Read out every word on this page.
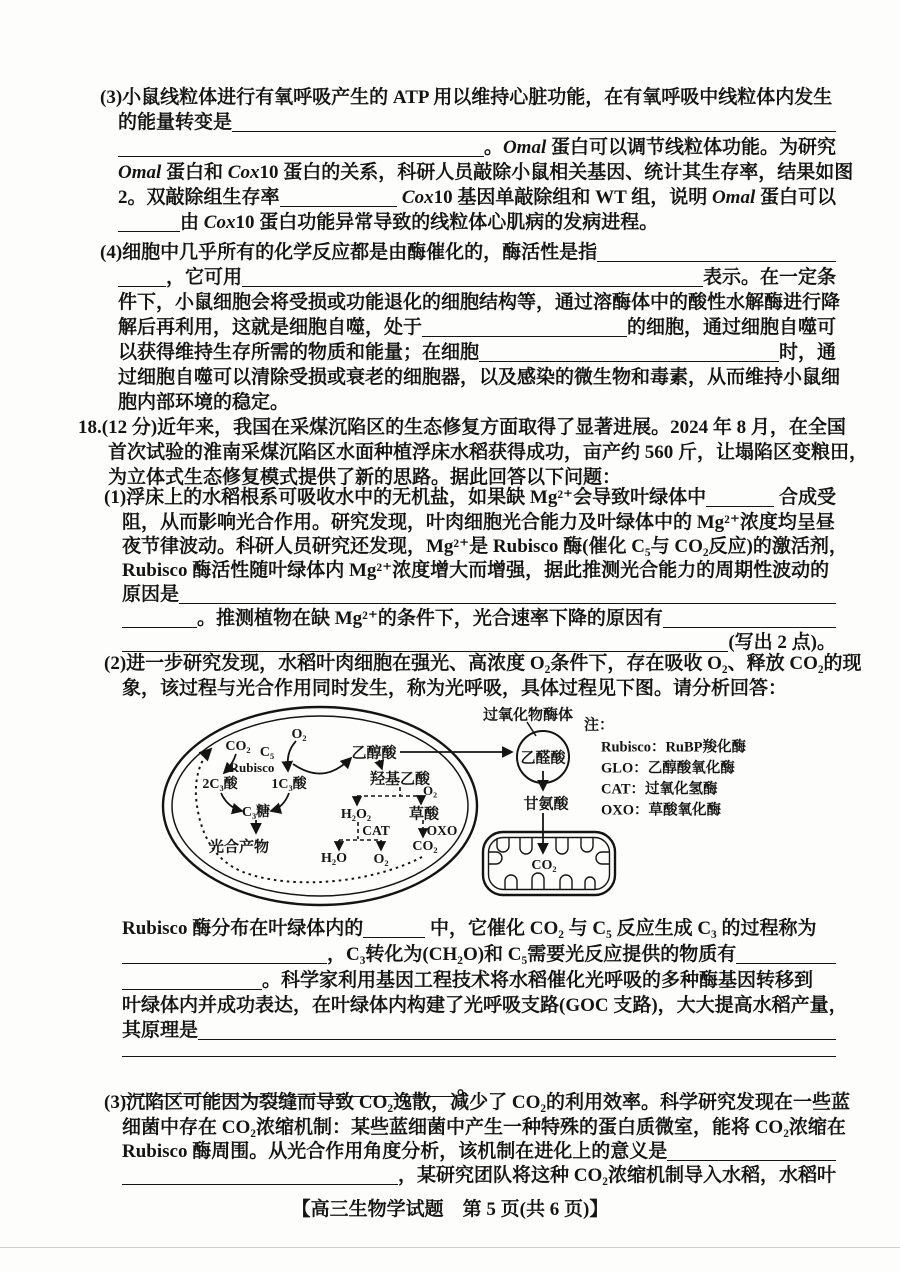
(3)小鼠线粒体进行有氧呼吸产生的 ATP 用以维持心脏功能，在有氧呼吸中线粒体内发生
的能量转变是
。 Omal 蛋白可以调节线粒体功能。为研究
Omal 蛋白和 Cox 10 蛋白的关系，科研人员敲除小鼠相关基因、统计其生存率，结果如图
2。双敲除组生存率
	Cox 10 基因单敲除组和 WT 组，说明 Omal 蛋白可以
由 Cox 10 蛋白功能异常导致的线粒体心肌病的发病进程。
(4)细胞中几乎所有的化学反应都是由酶催化的，酶活性是指
，它可用	表示。在一定条
件下，小鼠细胞会将受损或功能退化的细胞结构等，通过溶酶体中的酸性水解酶进行降
解后再利用，这就是细胞自噬，处于	的细胞，通过细胞自噬可
以获得维持生存所需的物质和能量；在细胞	时，通
过细胞自噬可以清除受损或衰老的细胞器，以及感染的微生物和毒素，从而维持小鼠细
胞内部环境的稳定。
18.(12 分)近年来，我国在采煤沉陷区的生态修复方面取得了显著进展。2024 年 8 月，在全国
首次试验的淮南采煤沉陷区水面种植浮床水稻获得成功，亩产约 560 斤，让塌陷区变粮田，
为立体式生态修复模式提供了新的思路。据此回答以下问题：
(1)浮床上的水稻根系可吸收水中的无机盐，如果缺 Mg²⁺会导致叶绿体中	合成受
阻，从而影响光合作用。研究发现，叶肉细胞光合能力及叶绿体中的 Mg²⁺浓度均呈昼
夜节律波动。科研人员研究还发现，Mg²⁺是 Rubisco 酶(催化 C₅与 CO₂反应)的激活剂，
Rubisco 酶活性随叶绿体内 Mg²⁺浓度增大而增强，据此推测光合能力的周期性波动的
原因是
。推测植物在缺 Mg²⁺的条件下，光合速率下降的原因有
(写出 2 点)。
(2)进一步研究发现，水稻叶肉细胞在强光、高浓度 O₂条件下，存在吸收 O₂、释放 CO₂的现
象，该过程与光合作用同时发生，称为光呼吸，具体过程见下图。请分析回答：
Rubisco 酶分布在叶绿体内的	中，它催化 CO₂ 与 C₅ 反应生成 C₃ 的过程称为
，C₃转化为(CH₂O)和 C₅需要光反应提供的物质有
。科学家利用基因工程技术将水稻催化光呼吸的多种酶基因转移到
叶绿体内并成功表达，在叶绿体内构建了光呼吸支路(GOC 支路)，大大提高水稻产量，
其原理是
。
(3)沉陷区可能因为裂缝而导致 CO₂逸散，减少了 CO₂的利用效率。科学研究发现在一些蓝
细菌中存在 CO₂浓缩机制：某些蓝细菌中产生一种特殊的蛋白质微室，能将 CO₂浓缩在
Rubisco 酶周围。从光合作用角度分析，该机制在进化上的意义是
，某研究团队将这种 CO₂浓缩机制导入水稻，水稻叶
CO₂ C₅
O₂
Rubisco
2C₃酸 1C₃酸
C₃糖
光合产物
乙醇酸
羟基乙酸
O₂
H₂O₂
CAT
草酸
OXO
H₂O O₂
CO₂
过氧化物酶体
乙醛酸
甘氨酸
CO₂
注：
Rubisco：RuBP羧化酶
GLO：乙醇酸氧化酶
CAT：过氧化氢酶
OXO：草酸氧化酶
【高三生物学试题　第 5 页(共 6 页)】
